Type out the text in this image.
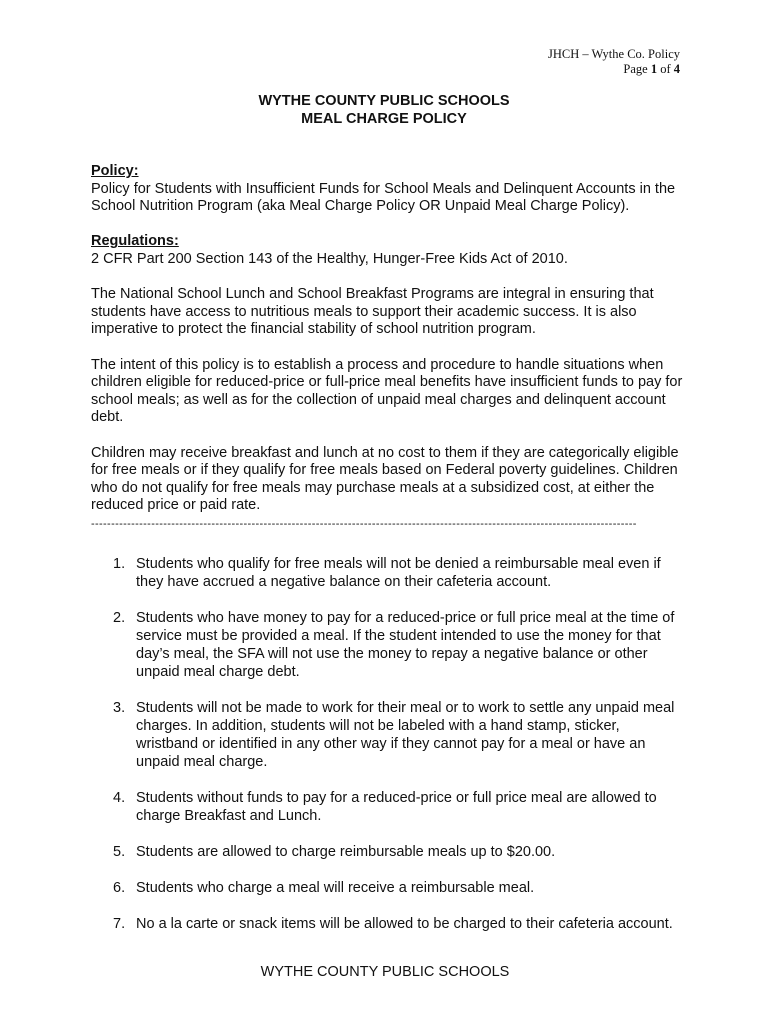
JHCH – Wythe Co. Policy
Page 1 of 4
WYTHE COUNTY PUBLIC SCHOOLS
MEAL CHARGE POLICY

Policy:

Policy for Students with Insufficient Funds for School Meals and Delinquent Accounts in the School Nutrition Program (aka Meal Charge Policy OR Unpaid Meal Charge Policy).

Regulations:

2 CFR Part 200 Section 143 of the Healthy, Hunger-Free Kids Act of 2010.

The National School Lunch and School Breakfast Programs are integral in ensuring that students have access to nutritious meals to support their academic success. It is also imperative to protect the financial stability of school nutrition program.

The intent of this policy is to establish a process and procedure to handle situations when children eligible for reduced-price or full-price meal benefits have insufficient funds to pay for school meals; as well as for the collection of unpaid meal charges and delinquent account debt.

Children may receive breakfast and lunch at no cost to them if they are categorically eligible for free meals or if they qualify for free meals based on Federal poverty guidelines. Children who do not qualify for free meals may purchase meals at a subsidized cost, at either the reduced price or paid rate.

----------------------------------------------------------------------------------------------------------------------------------------
1. Students who qualify for free meals will not be denied a reimbursable meal even if they have accrued a negative balance on their cafeteria account.
2. Students who have money to pay for a reduced-price or full price meal at the time of service must be provided a meal. If the student intended to use the money for that day’s meal, the SFA will not use the money to repay a negative balance or other unpaid meal charge debt.
3. Students will not be made to work for their meal or to work to settle any unpaid meal charges. In addition, students will not be labeled with a hand stamp, sticker, wristband or identified in any other way if they cannot pay for a meal or have an unpaid meal charge.
4. Students without funds to pay for a reduced-price or full price meal are allowed to charge Breakfast and Lunch.
5. Students are allowed to charge reimbursable meals up to $20.00.
6. Students who charge a meal will receive a reimbursable meal.
7. No a la carte or snack items will be allowed to be charged to their cafeteria account.
WYTHE COUNTY PUBLIC SCHOOLS
